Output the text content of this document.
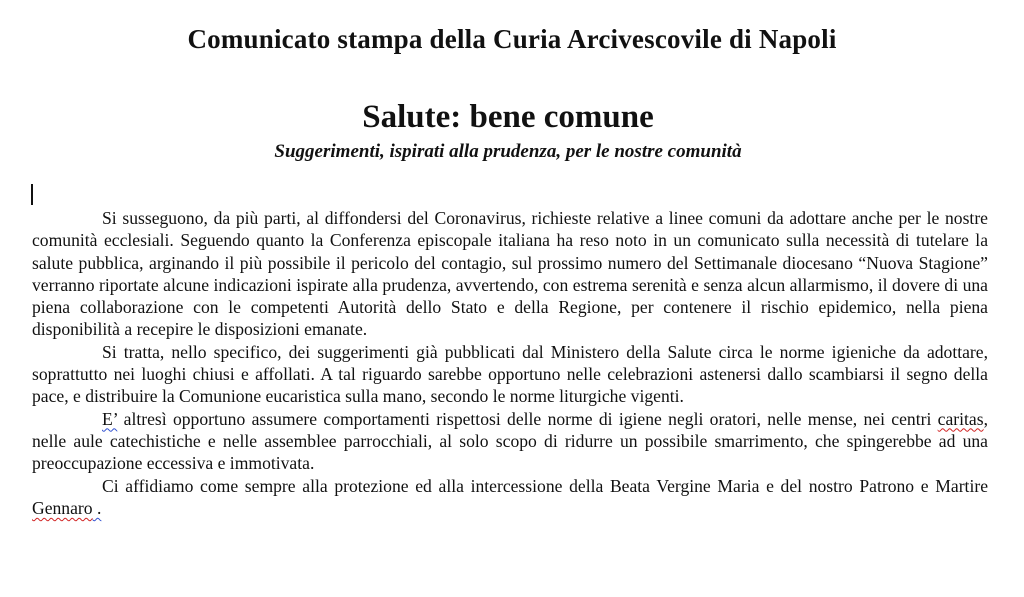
Comunicato stampa della Curia Arcivescovile di Napoli
Salute: bene comune
Suggerimenti, ispirati alla prudenza, per le nostre comunità

Si susseguono, da più parti, al diffondersi del Coronavirus, richieste relative a linee comuni da adottare anche per le nostre comunità ecclesiali. Seguendo quanto la Conferenza episcopale italiana ha reso noto in un comunicato sulla necessità di tutelare la salute pubblica, arginando il più possibile il pericolo del contagio, sul prossimo numero del Settimanale diocesano “Nuova Stagione” verranno riportate alcune indicazioni ispirate alla prudenza, avvertendo, con estrema serenità e senza alcun allarmismo, il dovere di una piena collaborazione con le competenti Autorità dello Stato e della Regione, per contenere il rischio epidemico, nella piena disponibilità a recepire le disposizioni emanate.

Si tratta, nello specifico, dei suggerimenti già pubblicati dal Ministero della Salute circa le norme igieniche da adottare, soprattutto nei luoghi chiusi e affollati. A tal riguardo sarebbe opportuno nelle celebrazioni astenersi dallo scambiarsi il segno della pace, e distribuire la Comunione eucaristica sulla mano, secondo le norme liturgiche vigenti.

E’ altresì opportuno assumere comportamenti rispettosi delle norme di igiene negli oratori, nelle mense, nei centri caritas, nelle aule catechistiche e nelle assemblee parrocchiali, al solo scopo di ridurre un possibile smarrimento, che spingerebbe ad una preoccupazione eccessiva e immotivata.

Ci affidiamo come sempre alla protezione ed alla intercessione della Beata Vergine Maria e del nostro Patrono e Martire Gennaro .
